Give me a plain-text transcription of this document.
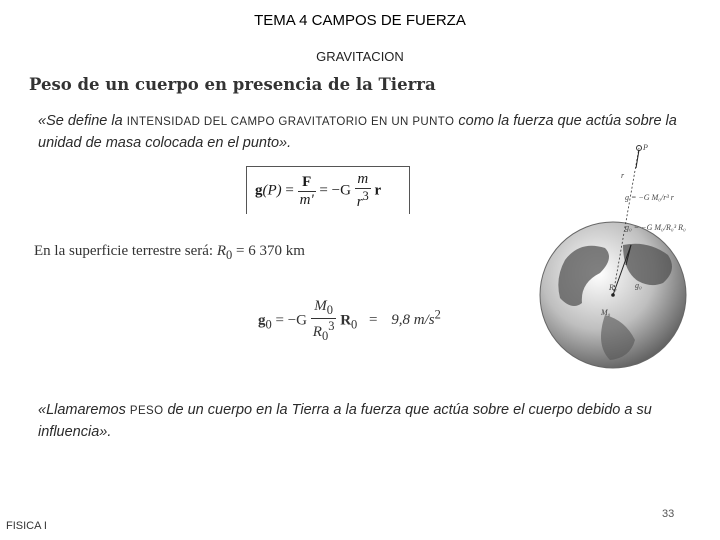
TEMA 4 CAMPOS DE FUERZA
GRAVITACION
Peso de un cuerpo en presencia de la Tierra
«Se define la INTENSIDAD DEL CAMPO GRAVITATORIO EN UN PUNTO como la fuerza que actúa sobre la unidad de masa colocada en el punto».
$g(P) = \frac{F}{m'} = -G \frac{m}{r^3}$ r
En la superficie terrestre será: $R_0 = 6$ 370 km
$g_0 = -G \frac{M_0}{R_0^3} R_0 = 9,8$ $m/s^2$
«Llamaremos PESO de un cuerpo en la Tierra a la fuerza que actúa sobre el cuerpo debido a su influencia».
P
r
g = −G M₀/r³ r
g₀ = −G M₀/R₀³ R₀
R₀ g₀
M₀
FISICA I
33
